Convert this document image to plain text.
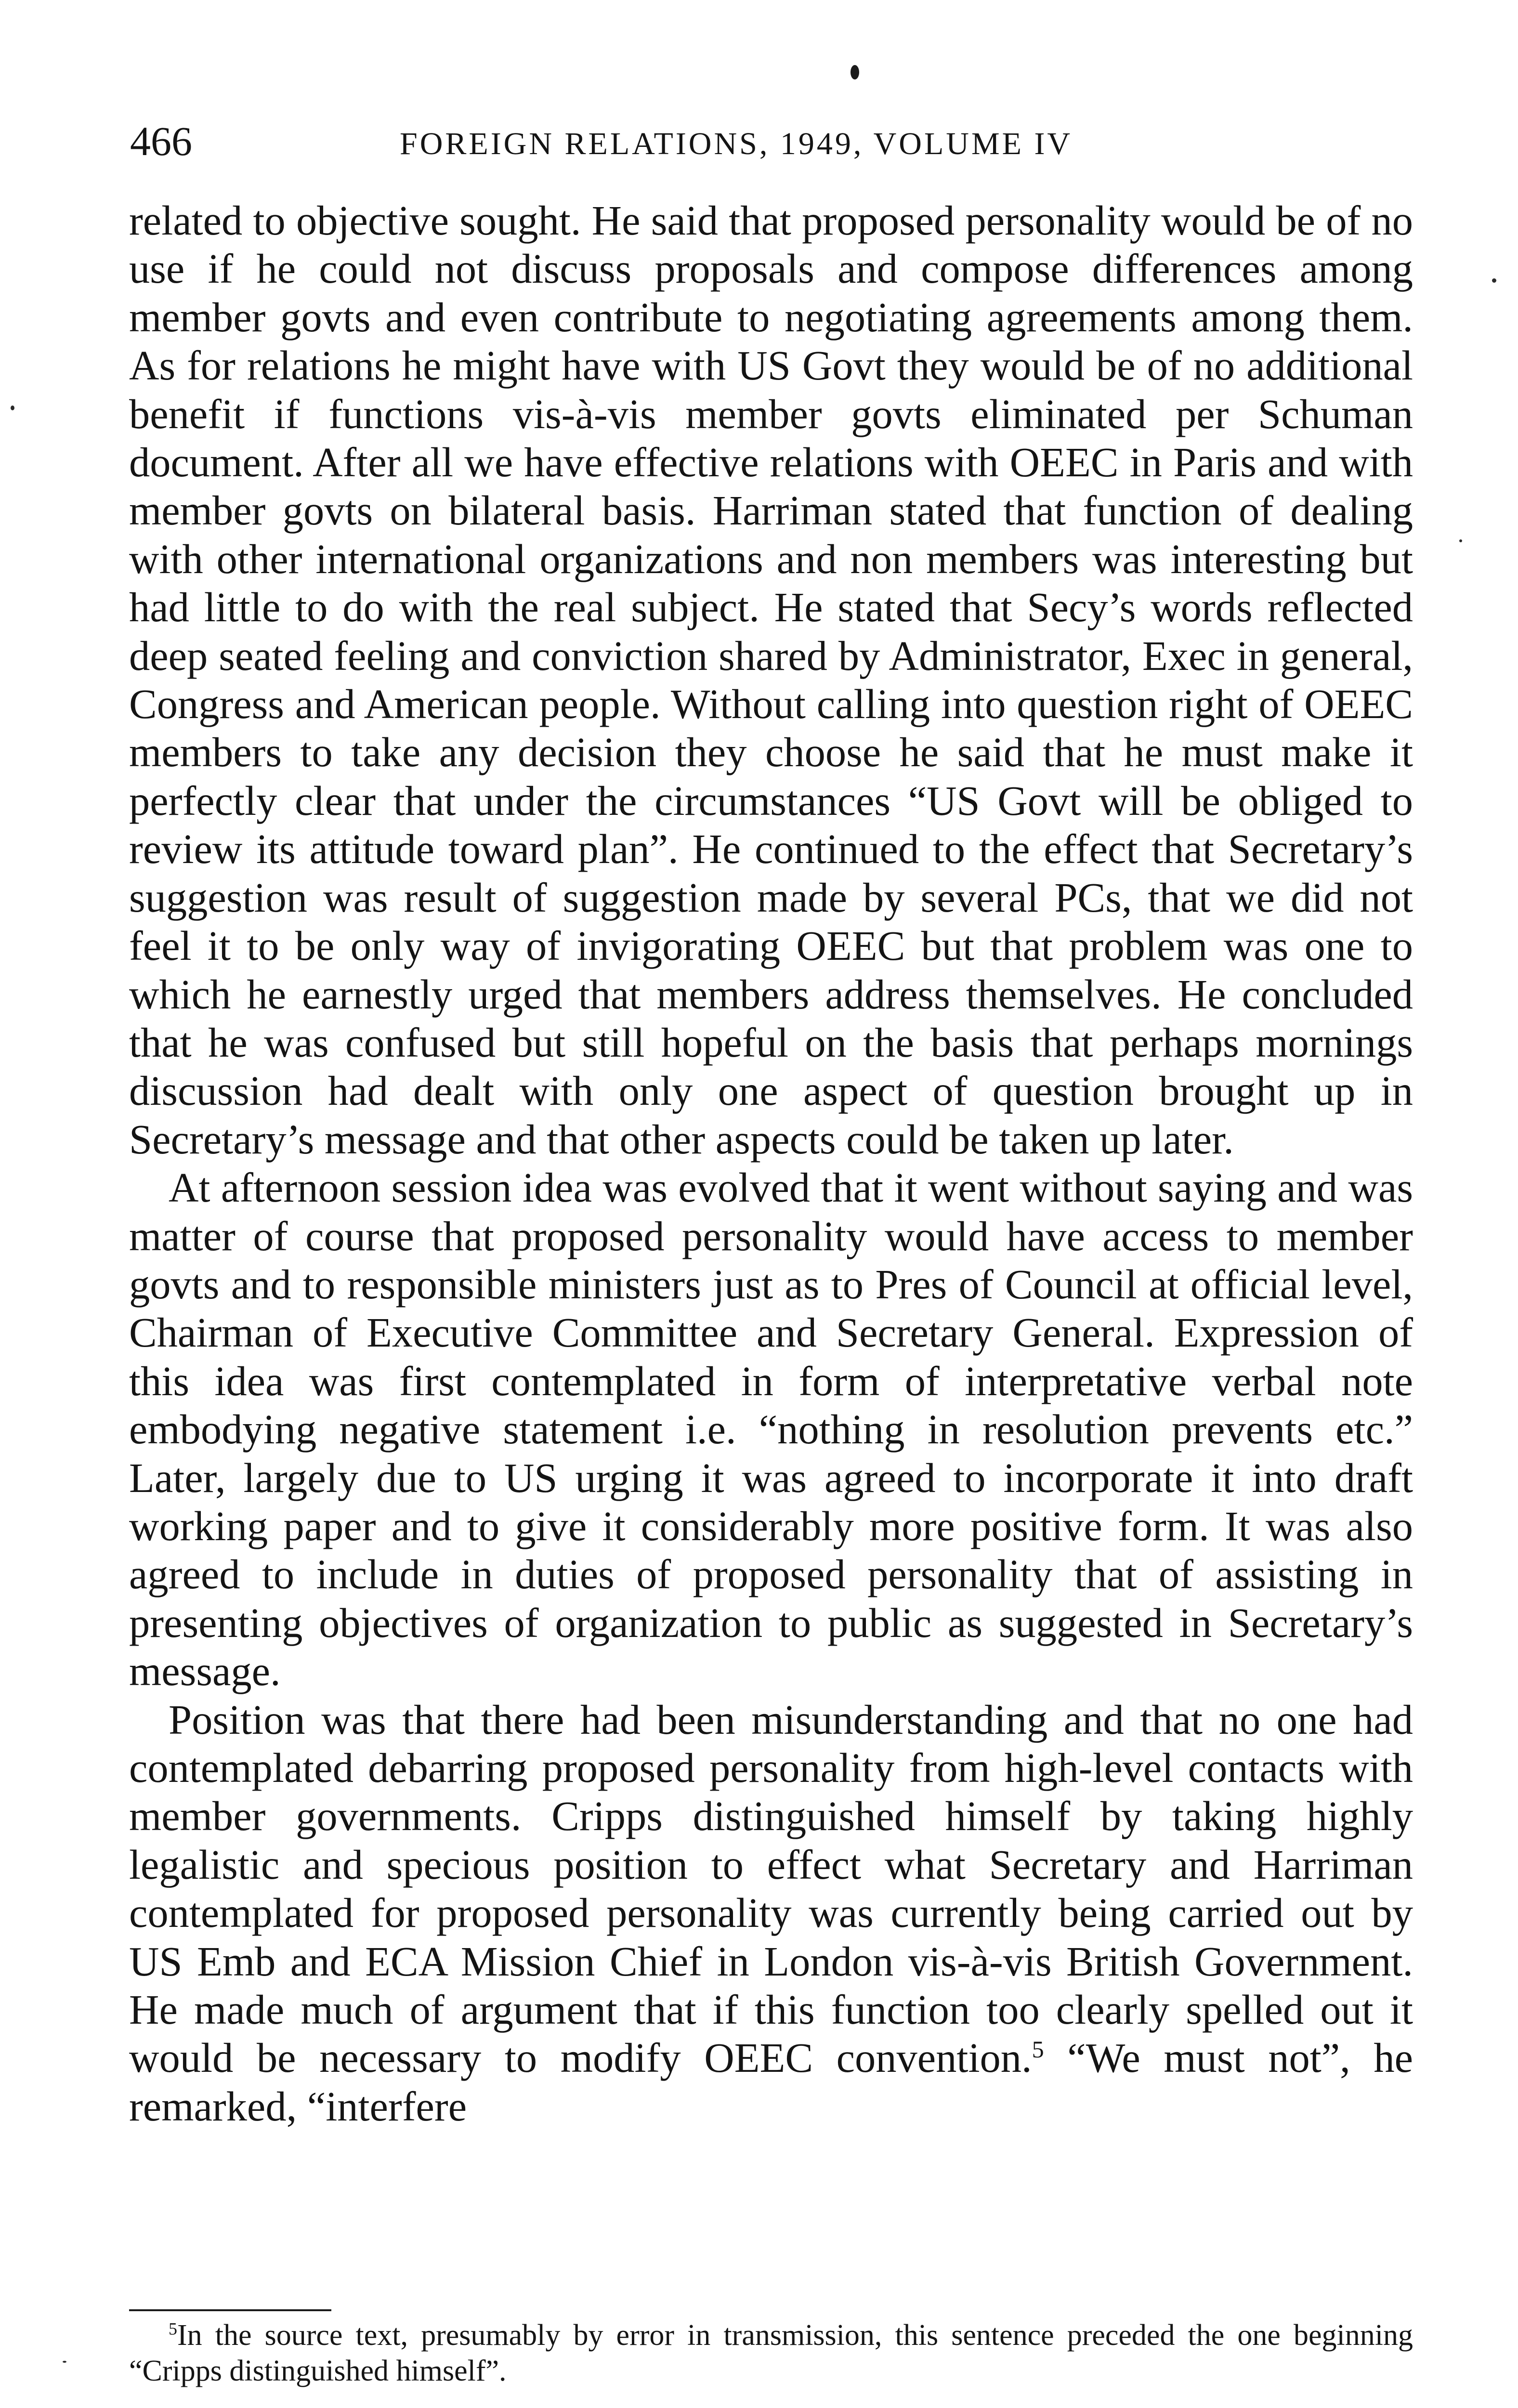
466	FOREIGN RELATIONS, 1949, VOLUME IV

related to objective sought. He said that proposed personality would be of no use if he could not discuss proposals and compose differences among member govts and even contribute to negotiating agreements among them. As for relations he might have with US Govt they would be of no additional benefit if functions vis-à-vis member govts eliminated per Schuman document. After all we have effective relations with OEEC in Paris and with member govts on bilateral basis. Harriman stated that function of dealing with other international organizations and non members was interesting but had little to do with the real subject. He stated that Secy’s words reflected deep seated feeling and conviction shared by Administrator, Exec in general, Congress and American people. Without calling into question right of OEEC members to take any decision they choose he said that he must make it perfectly clear that under the circumstances “US Govt will be obliged to review its attitude toward plan”. He continued to the effect that Secretary’s suggestion was result of suggestion made by several PCs, that we did not feel it to be only way of invigorating OEEC but that problem was one to which he earnestly urged that members address themselves. He concluded that he was confused but still hopeful on the basis that perhaps mornings discussion had dealt with only one aspect of question brought up in Secretary’s message and that other aspects could be taken up later.

At afternoon session idea was evolved that it went without saying and was matter of course that proposed personality would have access to member govts and to responsible ministers just as to Pres of Council at official level, Chairman of Executive Committee and Secretary General. Expression of this idea was first contemplated in form of interpretative verbal note embodying negative statement i.e. “nothing in resolution prevents etc.” Later, largely due to US urging it was agreed to incorporate it into draft working paper and to give it considerably more positive form. It was also agreed to include in duties of proposed personality that of assisting in presenting objectives of organization to public as suggested in Secretary’s message.

Position was that there had been misunderstanding and that no one had contemplated debarring proposed personality from high-level contacts with member governments. Cripps distinguished himself by taking highly legalistic and specious position to effect what Secretary and Harriman contemplated for proposed personality was currently being carried out by US Emb and ECA Mission Chief in London vis-à-vis British Government. He made much of argument that if this function too clearly spelled out it would be necessary to modify OEEC convention.$^5$ “We must not”, he remarked, “interfere

$^5$In the source text, presumably by error in transmission, this sentence preceded the one beginning “Cripps distinguished himself”.
